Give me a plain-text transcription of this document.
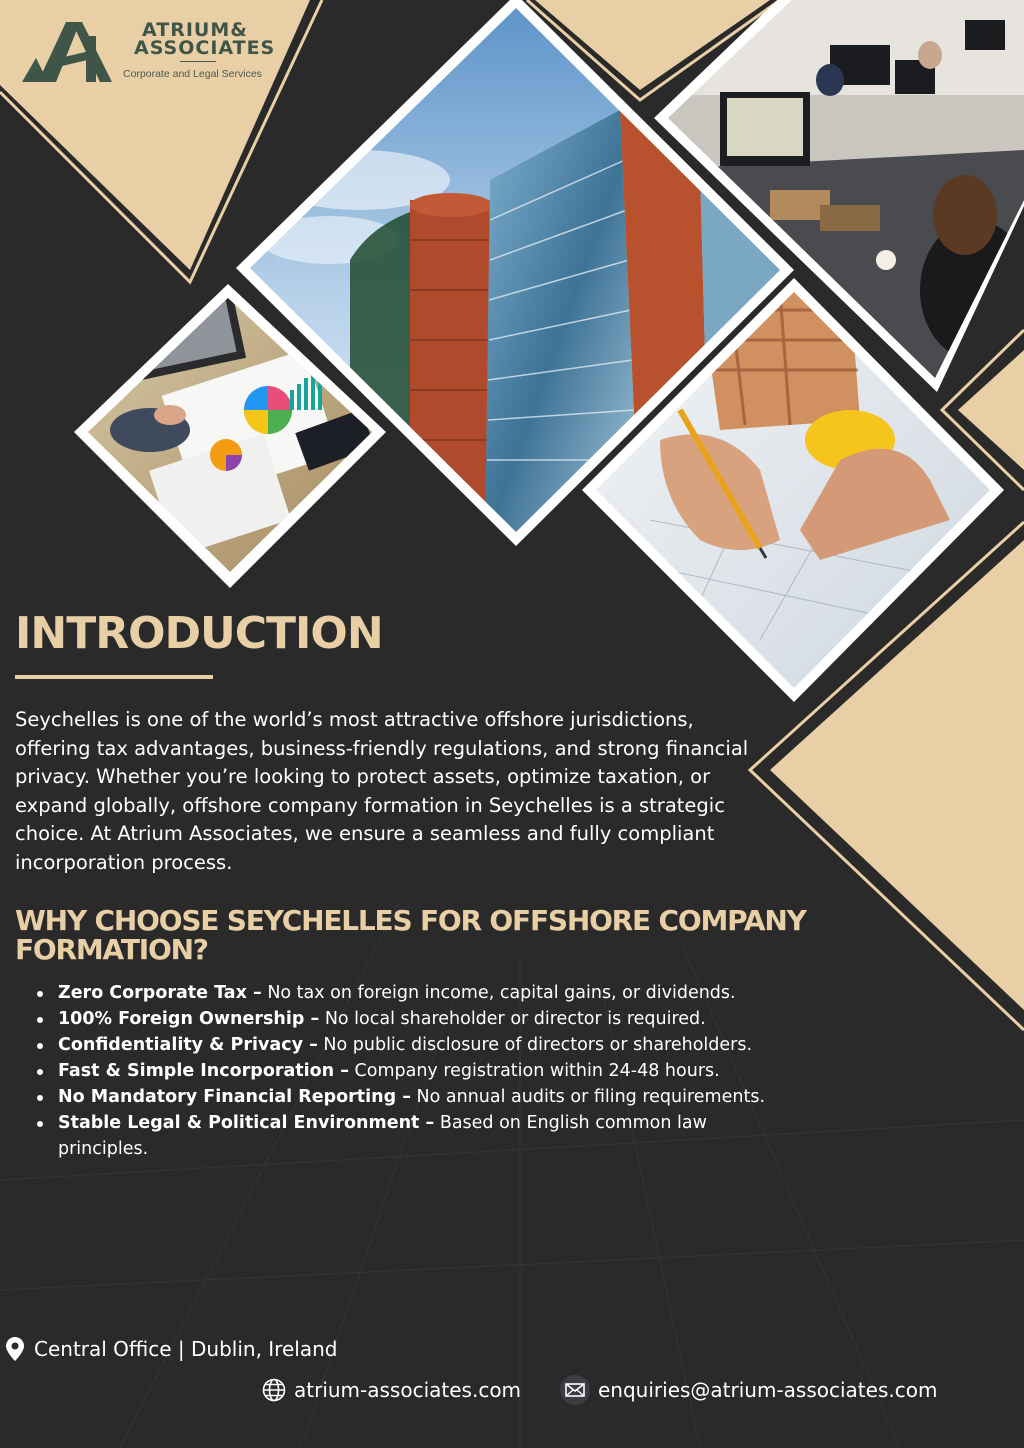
ATRIUM&
ASSOCIATES
Corporate and Legal Services
INTRODUCTION

Seychelles is one of the world’s most attractive offshore jurisdictions, offering tax advantages, business-friendly regulations, and strong financial privacy. Whether you’re looking to protect assets, optimize taxation, or expand globally, offshore company formation in Seychelles is a strategic choice. At Atrium Associates, we ensure a seamless and fully compliant incorporation process.

WHY CHOOSE SEYCHELLES FOR OFFSHORE COMPANY FORMATION?
Zero Corporate Tax – No tax on foreign income, capital gains, or dividends.
100% Foreign Ownership – No local shareholder or director is required.
Confidentiality & Privacy – No public disclosure of directors or shareholders.
Fast & Simple Incorporation – Company registration within 24-48 hours.
No Mandatory Financial Reporting – No annual audits or filing requirements.
Stable Legal & Political Environment – Based on English common law principles.
Central Office | Dublin, Ireland
atrium-associates.com	enquiries@atrium-associates.com
